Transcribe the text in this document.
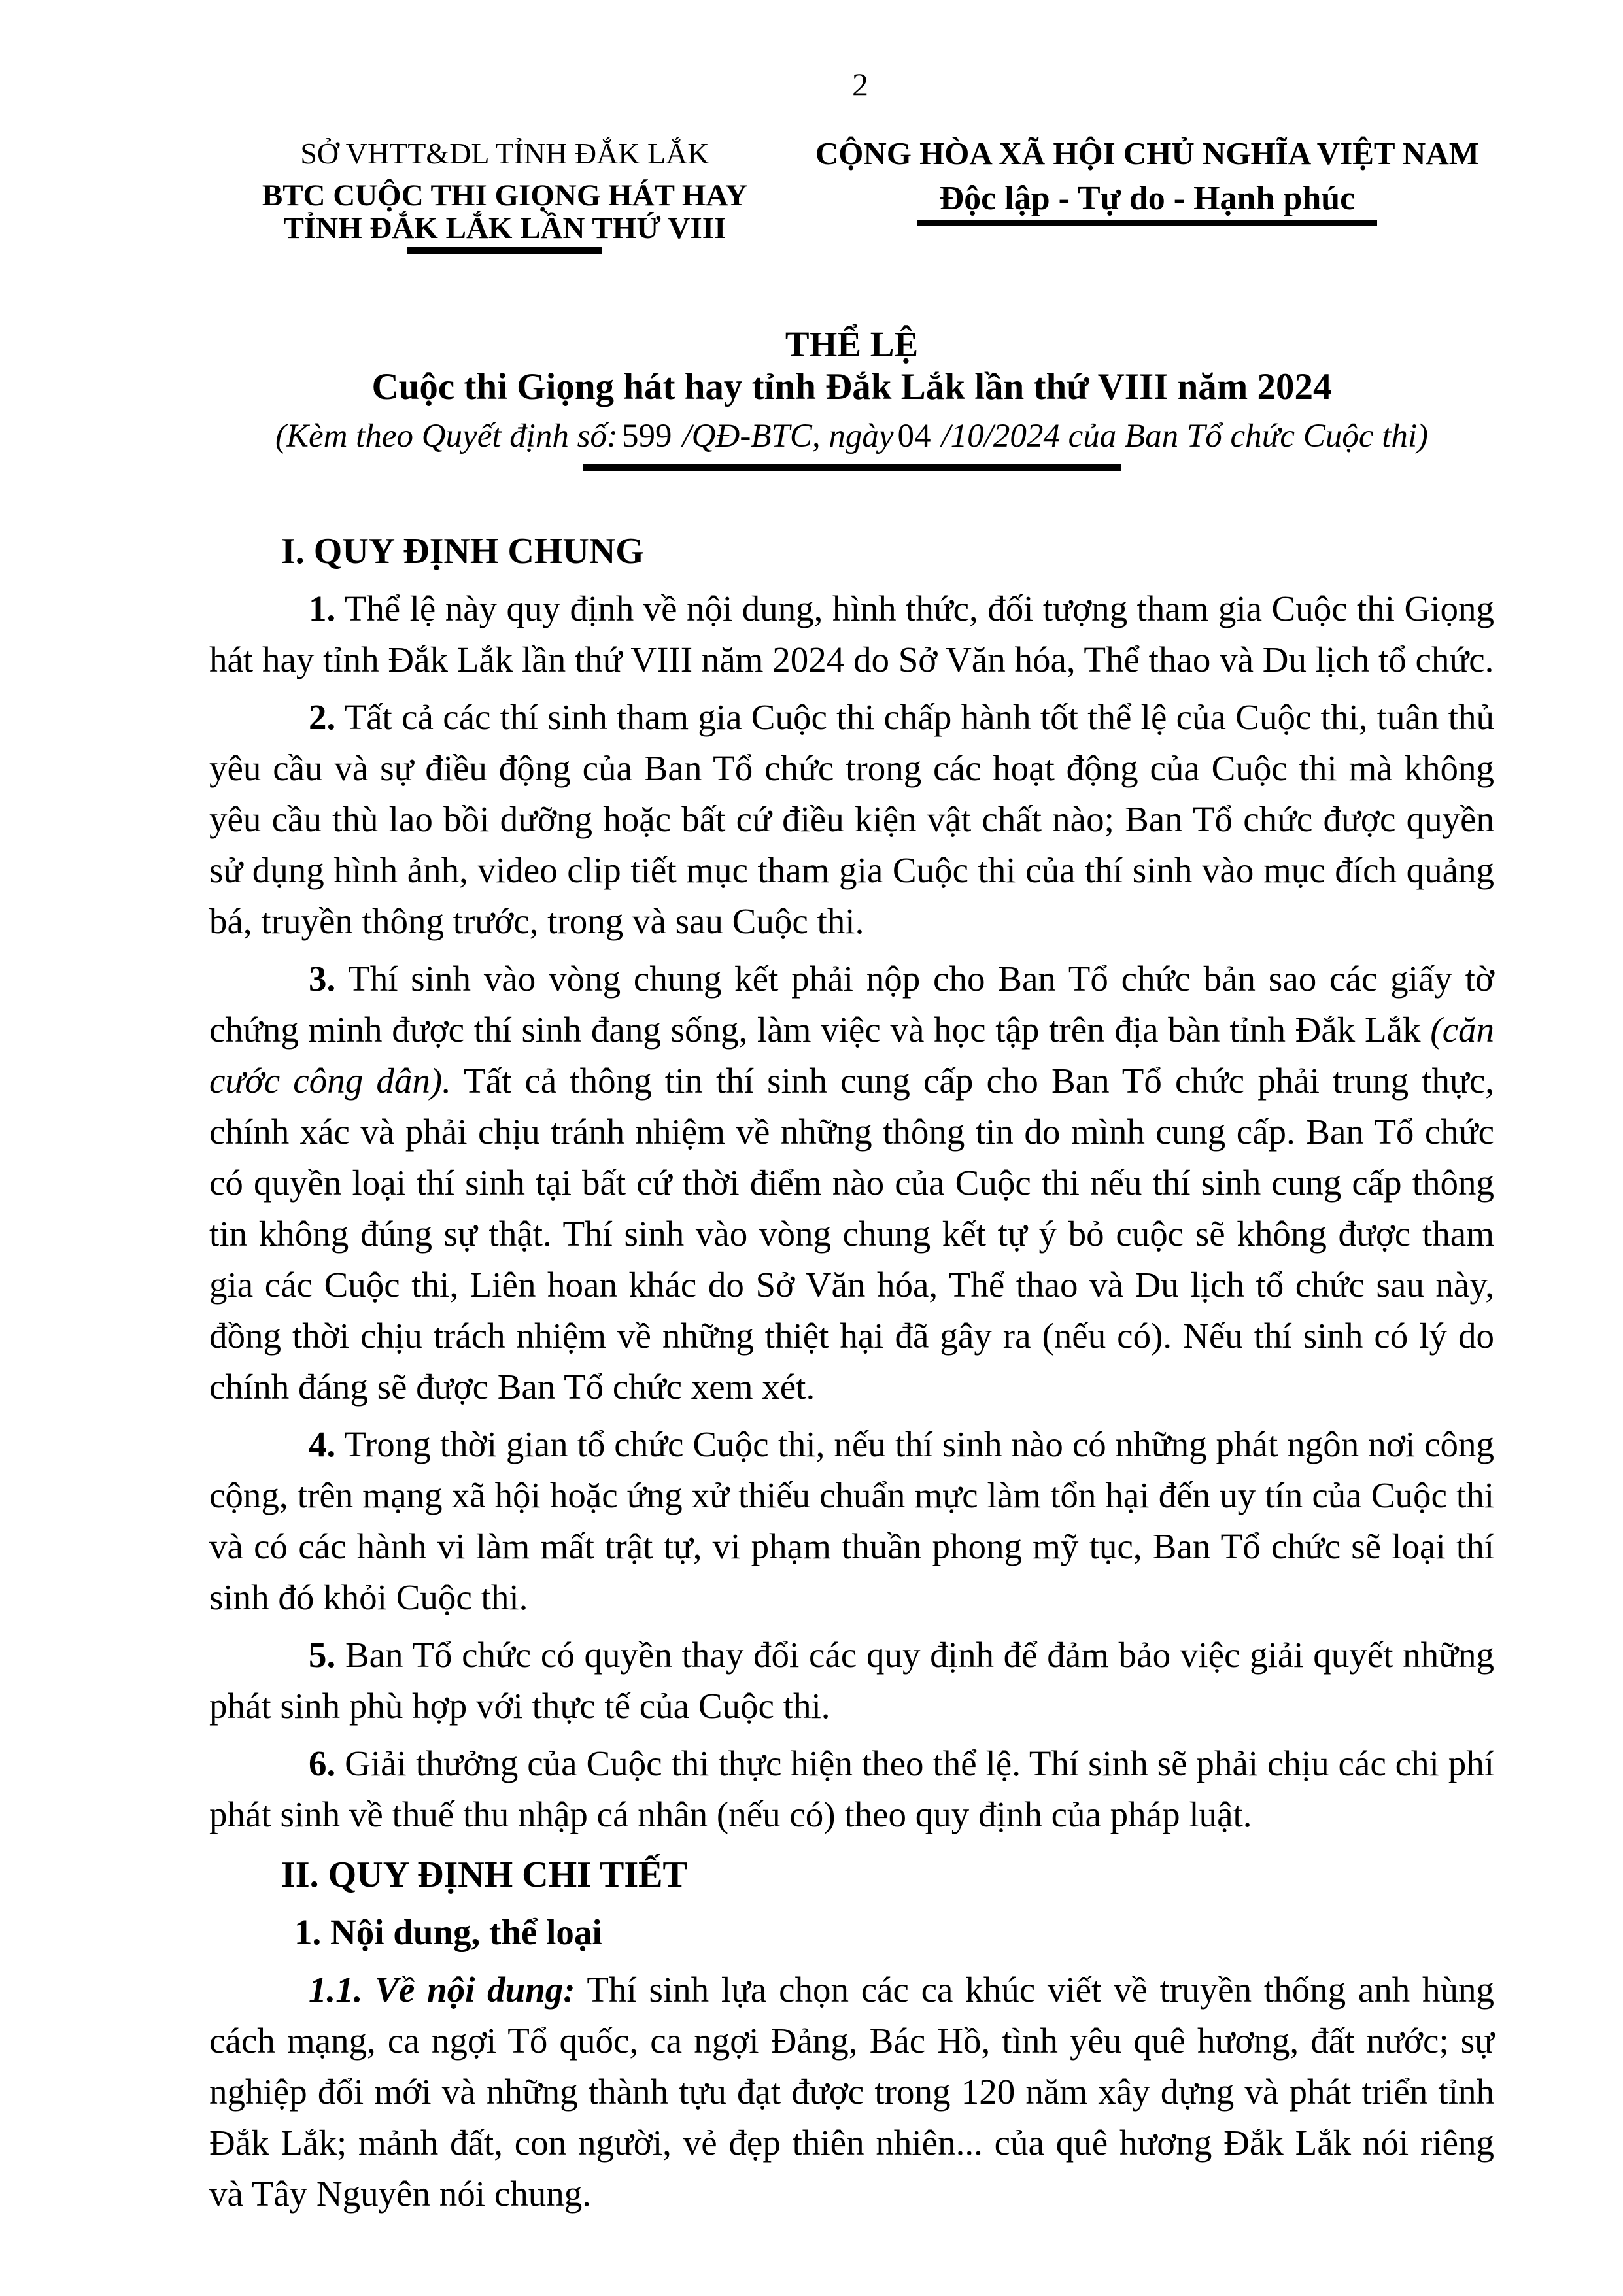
2
SỞ VHTT&DL TỈNH ĐẮK LẮK
BTC CUỘC THI GIỌNG HÁT HAY
TỈNH ĐẮK LẮK LẦN THỨ VIII
CỘNG HÒA XÃ HỘI CHỦ NGHĨA VIỆT NAM
Độc lập - Tự do - Hạnh phúc
THỂ LỆ
Cuộc thi Giọng hát hay tỉnh Đắk Lắk lần thứ VIII năm 2024
(Kèm theo Quyết định số: 599 /QĐ-BTC, ngày 04 /10/2024 của Ban Tổ chức Cuộc thi)
I. QUY ĐỊNH CHUNG

1. Thể lệ này quy định về nội dung, hình thức, đối tượng tham gia Cuộc thi Giọng hát hay tỉnh Đắk Lắk lần thứ VIII năm 2024 do Sở Văn hóa, Thể thao và Du lịch tổ chức.

2. Tất cả các thí sinh tham gia Cuộc thi chấp hành tốt thể lệ của Cuộc thi, tuân thủ yêu cầu và sự điều động của Ban Tổ chức trong các hoạt động của Cuộc thi mà không yêu cầu thù lao bồi dưỡng hoặc bất cứ điều kiện vật chất nào; Ban Tổ chức được quyền sử dụng hình ảnh, video clip tiết mục tham gia Cuộc thi của thí sinh vào mục đích quảng bá, truyền thông trước, trong và sau Cuộc thi.

3. Thí sinh vào vòng chung kết phải nộp cho Ban Tổ chức bản sao các giấy tờ chứng minh được thí sinh đang sống, làm việc và học tập trên địa bàn tỉnh Đắk Lắk (căn cước công dân). Tất cả thông tin thí sinh cung cấp cho Ban Tổ chức phải trung thực, chính xác và phải chịu tránh nhiệm về những thông tin do mình cung cấp. Ban Tổ chức có quyền loại thí sinh tại bất cứ thời điểm nào của Cuộc thi nếu thí sinh cung cấp thông tin không đúng sự thật. Thí sinh vào vòng chung kết tự ý bỏ cuộc sẽ không được tham gia các Cuộc thi, Liên hoan khác do Sở Văn hóa, Thể thao và Du lịch tổ chức sau này, đồng thời chịu trách nhiệm về những thiệt hại đã gây ra (nếu có). Nếu thí sinh có lý do chính đáng sẽ được Ban Tổ chức xem xét.

4. Trong thời gian tổ chức Cuộc thi, nếu thí sinh nào có những phát ngôn nơi công cộng, trên mạng xã hội hoặc ứng xử thiếu chuẩn mực làm tổn hại đến uy tín của Cuộc thi và có các hành vi làm mất trật tự, vi phạm thuần phong mỹ tục, Ban Tổ chức sẽ loại thí sinh đó khỏi Cuộc thi.

5. Ban Tổ chức có quyền thay đổi các quy định để đảm bảo việc giải quyết những phát sinh phù hợp với thực tế của Cuộc thi.

6. Giải thưởng của Cuộc thi thực hiện theo thể lệ. Thí sinh sẽ phải chịu các chi phí phát sinh về thuế thu nhập cá nhân (nếu có) theo quy định của pháp luật.

II. QUY ĐỊNH CHI TIẾT
1. Nội dung, thể loại

1.1. Về nội dung: Thí sinh lựa chọn các ca khúc viết về truyền thống anh hùng cách mạng, ca ngợi Tổ quốc, ca ngợi Đảng, Bác Hồ, tình yêu quê hương, đất nước; sự nghiệp đổi mới và những thành tựu đạt được trong 120 năm xây dựng và phát triển tỉnh Đắk Lắk; mảnh đất, con người, vẻ đẹp thiên nhiên... của quê hương Đắk Lắk nói riêng và Tây Nguyên nói chung.
